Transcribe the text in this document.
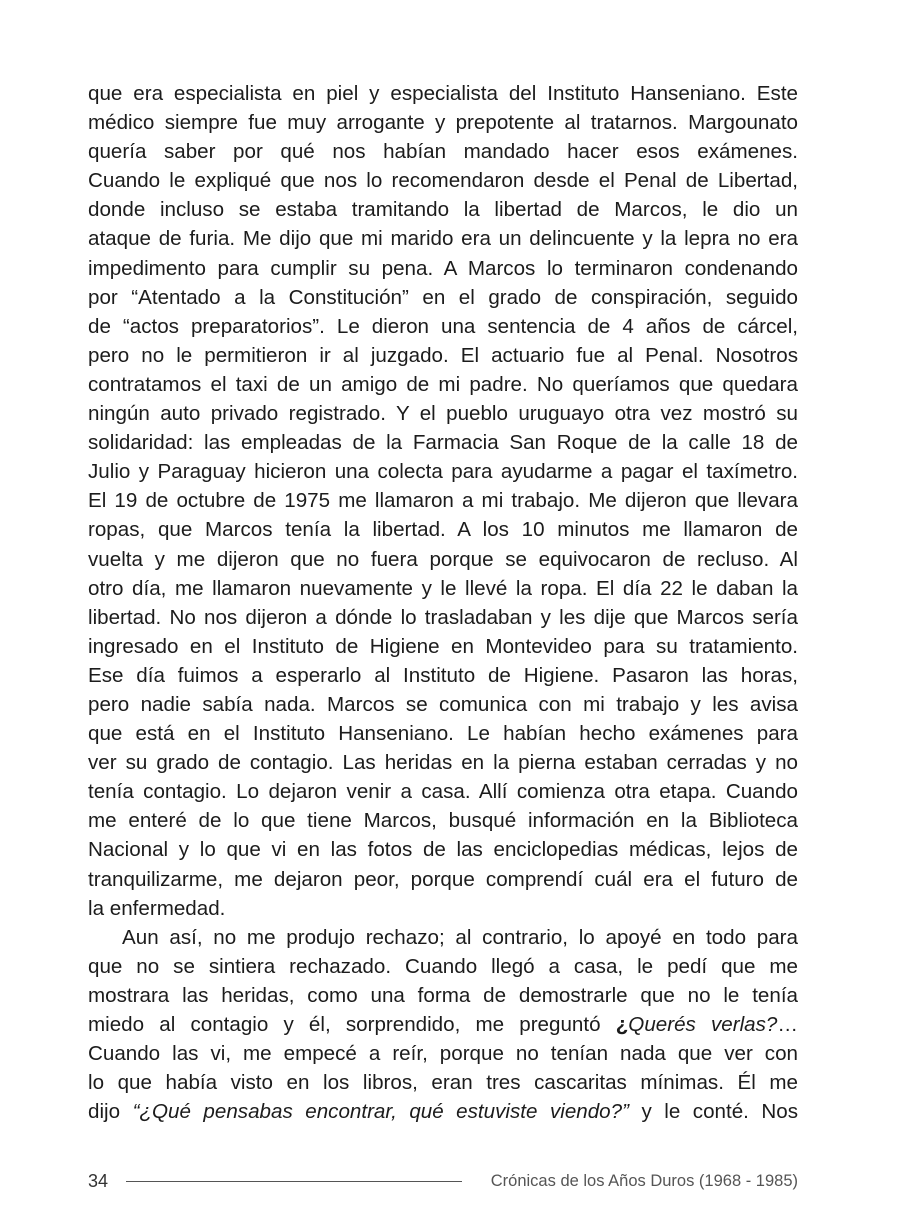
que era especialista en piel y especialista del Instituto Hanseniano. Este
médico siempre fue muy arrogante y prepotente al tratarnos. Margounato
quería saber por qué nos habían mandado hacer esos exámenes.
Cuando le expliqué que nos lo recomendaron desde el Penal de Libertad,
donde incluso se estaba tramitando la libertad de Marcos, le dio un
ataque de furia. Me dijo que mi marido era un delincuente y la lepra no era
impedimento para cumplir su pena. A Marcos lo terminaron condenando
por “Atentado a la Constitución” en el grado de conspiración, seguido
de “actos preparatorios”. Le dieron una sentencia de 4 años de cárcel,
pero no le permitieron ir al juzgado. El actuario fue al Penal. Nosotros
contratamos el taxi de un amigo de mi padre. No queríamos que quedara
ningún auto privado registrado. Y el pueblo uruguayo otra vez mostró su
solidaridad: las empleadas de la Farmacia San Roque de la calle 18 de
Julio y Paraguay hicieron una colecta para ayudarme a pagar el taxímetro.
El 19 de octubre de 1975 me llamaron a mi trabajo. Me dijeron que llevara
ropas, que Marcos tenía la libertad. A los 10 minutos me llamaron de
vuelta y me dijeron que no fuera porque se equivocaron de recluso. Al
otro día, me llamaron nuevamente y le llevé la ropa. El día 22 le daban la
libertad. No nos dijeron a dónde lo trasladaban y les dije que Marcos sería
ingresado en el Instituto de Higiene en Montevideo para su tratamiento.
Ese día fuimos a esperarlo al Instituto de Higiene. Pasaron las horas,
pero nadie sabía nada. Marcos se comunica con mi trabajo y les avisa
que está en el Instituto Hanseniano. Le habían hecho exámenes para
ver su grado de contagio. Las heridas en la pierna estaban cerradas y no
tenía contagio. Lo dejaron venir a casa. Allí comienza otra etapa. Cuando
me enteré de lo que tiene Marcos, busqué información en la Biblioteca
Nacional y lo que vi en las fotos de las enciclopedias médicas, lejos de
tranquilizarme, me dejaron peor, porque comprendí cuál era el futuro de
la enfermedad.
Aun así, no me produjo rechazo; al contrario, lo apoyé en todo para
que no se sintiera rechazado. Cuando llegó a casa, le pedí que me
mostrara las heridas, como una forma de demostrarle que no le tenía
miedo al contagio y él, sorprendido, me preguntó ¿Querés verlas?…
Cuando las vi, me empecé a reír, porque no tenían nada que ver con
lo que había visto en los libros, eran tres cascaritas mínimas. Él me
dijo “¿Qué pensabas encontrar, qué estuviste viendo?” y le conté. Nos
34	Crónicas de los Años Duros (1968 - 1985)
